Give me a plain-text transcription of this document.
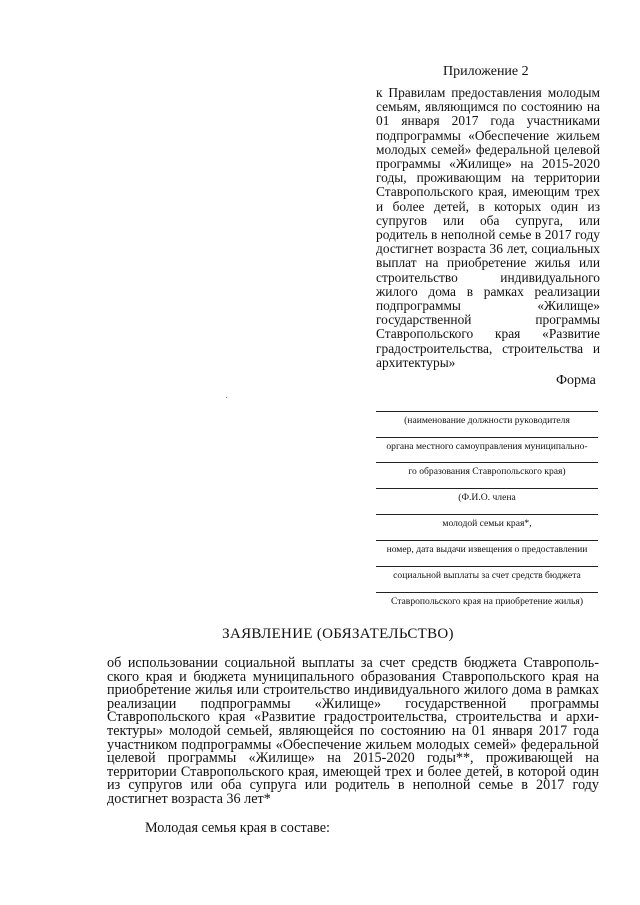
Приложение 2
к Правилам предоставления молодым семьям, являющимся по состоянию на 01 января 2017 года участниками подпрограммы «Обеспечение жильем молодых семей» федеральной целевой программы «Жилище» на 2015-2020 годы, проживающим на территории Ставропольского края, имеющим трех и более детей, в которых один из супругов или оба супруга, или родитель в неполной семье в 2017 году достигнет возраста 36 лет, социальных выплат на приобретение жилья или строительство индивидуального жилого дома в рамках реализации подпрограммы «Жилище» государственной программы Ставропольского края «Развитие градостроительства, строительства и архитектуры»
Форма
(наименование должности руководителя
органа местного самоуправления муниципально-
го образования Ставропольского края)
(Ф.И.О. члена
молодой семьи края*,
номер, дата выдачи извещения о предоставлении
социальной выплаты за счет средств бюджета
Ставропольского края на приобретение жилья)
ЗАЯВЛЕНИЕ (ОБЯЗАТЕЛЬСТВО)
об использовании социальной выплаты за счет средств бюджета Ставропольского края и бюджета муниципального образования Ставропольского края на приобретение жилья или строительство индивидуального жилого дома в рамках реализации подпрограммы «Жилище» государственной программы Ставропольского края «Развитие градостроительства, строительства и архитектуры» молодой семьей, являющейся по состоянию на 01 января 2017 года участником подпрограммы «Обеспечение жильем молодых семей» федеральной целевой программы «Жилище» на 2015-2020 годы**, проживающей на территории Ставропольского края, имеющей трех и более детей, в которой один из супругов или оба супруга или родитель в неполной семье в 2017 году достигнет возраста 36 лет*
Молодая семья края в составе:
